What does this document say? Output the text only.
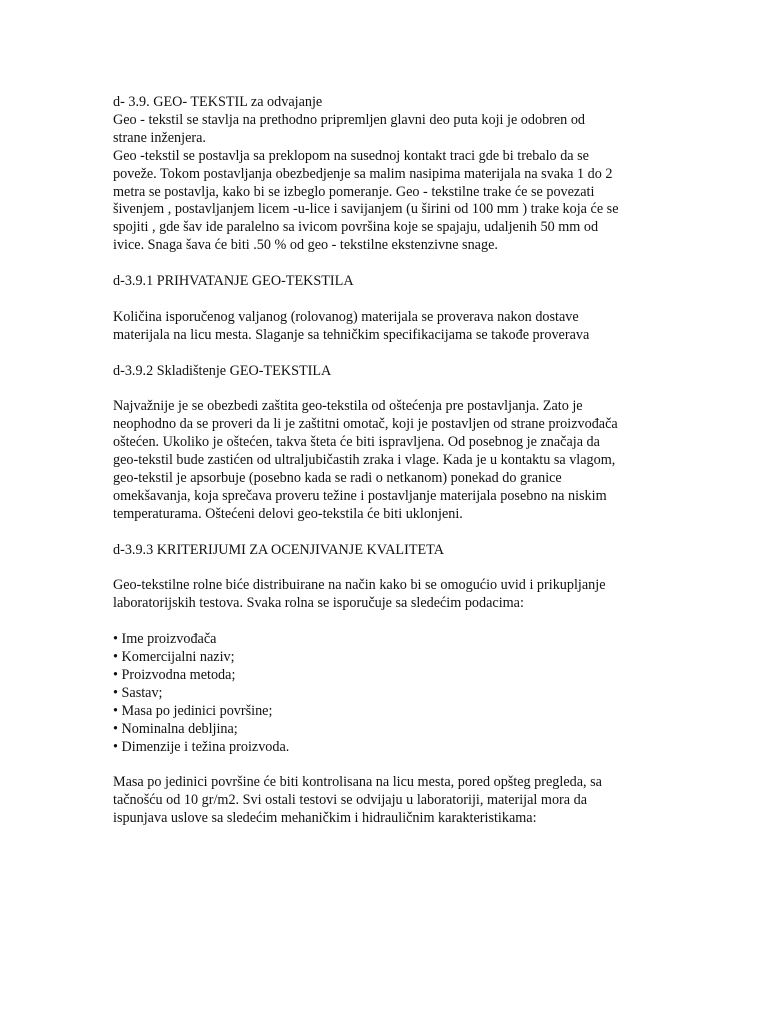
d- 3.9. GEO- TEKSTIL za odvajanje

Geo - tekstil se stavlja na prethodno pripremljen glavni deo puta koji je odobren od
strane inženjera.
Geo -tekstil se postavlja sa preklopom na susednoj kontakt traci gde bi trebalo da se
poveže. Tokom postavljanja obezbedjenje sa malim nasipima materijala na svaka 1 do 2
metra se postavlja, kako bi se izbeglo pomeranje. Geo - tekstilne trake će se povezati
šivenjem , postavljanjem licem -u-lice i savijanjem (u širini od 100 mm ) trake koja će se
spojiti , gde šav ide paralelno sa ivicom površina koje se spajaju, udaljenih 50 mm od
ivice. Snaga šava će biti .50 % od geo - tekstilne ekstenzivne snage.

d-3.9.1 PRIHVATANJE GEO-TEKSTILA

Količina isporučenog valjanog (rolovanog) materijala se proverava nakon dostave
materijala na licu mesta. Slaganje sa tehničkim specifikacijama se takođe proverava

d-3.9.2 Skladištenje GEO-TEKSTILA

Najvažnije je se obezbedi zaštita geo-tekstila od oštećenja pre postavljanja. Zato je
neophodno da se proveri da li je zaštitni omotač, koji je postavljen od strane proizvođača
oštećen. Ukoliko je oštećen, takva šteta će biti ispravljena. Od posebnog je značaja da
geo-tekstil bude zastićen od ultraljubičastih zraka i vlage. Kada je u kontaktu sa vlagom,
geo-tekstil je apsorbuje (posebno kada se radi o netkanom) ponekad do granice
omekšavanja, koja sprečava proveru težine i postavljanje materijala posebno na niskim
temperaturama. Oštećeni delovi geo-tekstila će biti uklonjeni.

d-3.9.3 KRITERIJUMI ZA OCENJIVANJE KVALITETA

Geo-tekstilne rolne biće distribuirane na način kako bi se omogućio uvid i prikupljanje
laboratorijskih testova. Svaka rolna se isporučuje sa sledećim podacima:

• Ime proizvođača
• Komercijalni naziv;
• Proizvodna metoda;
• Sastav;
• Masa po jedinici površine;
• Nominalna debljina;
• Dimenzije i težina proizvoda.

Masa po jedinici površine će biti kontrolisana na licu mesta, pored opšteg pregleda, sa
tačnošću od 10 gr/m2. Svi ostali testovi se odvijaju u laboratoriji, materijal mora da
ispunjava uslove sa sledećim mehaničkim i hidrauličnim karakteristikama:
